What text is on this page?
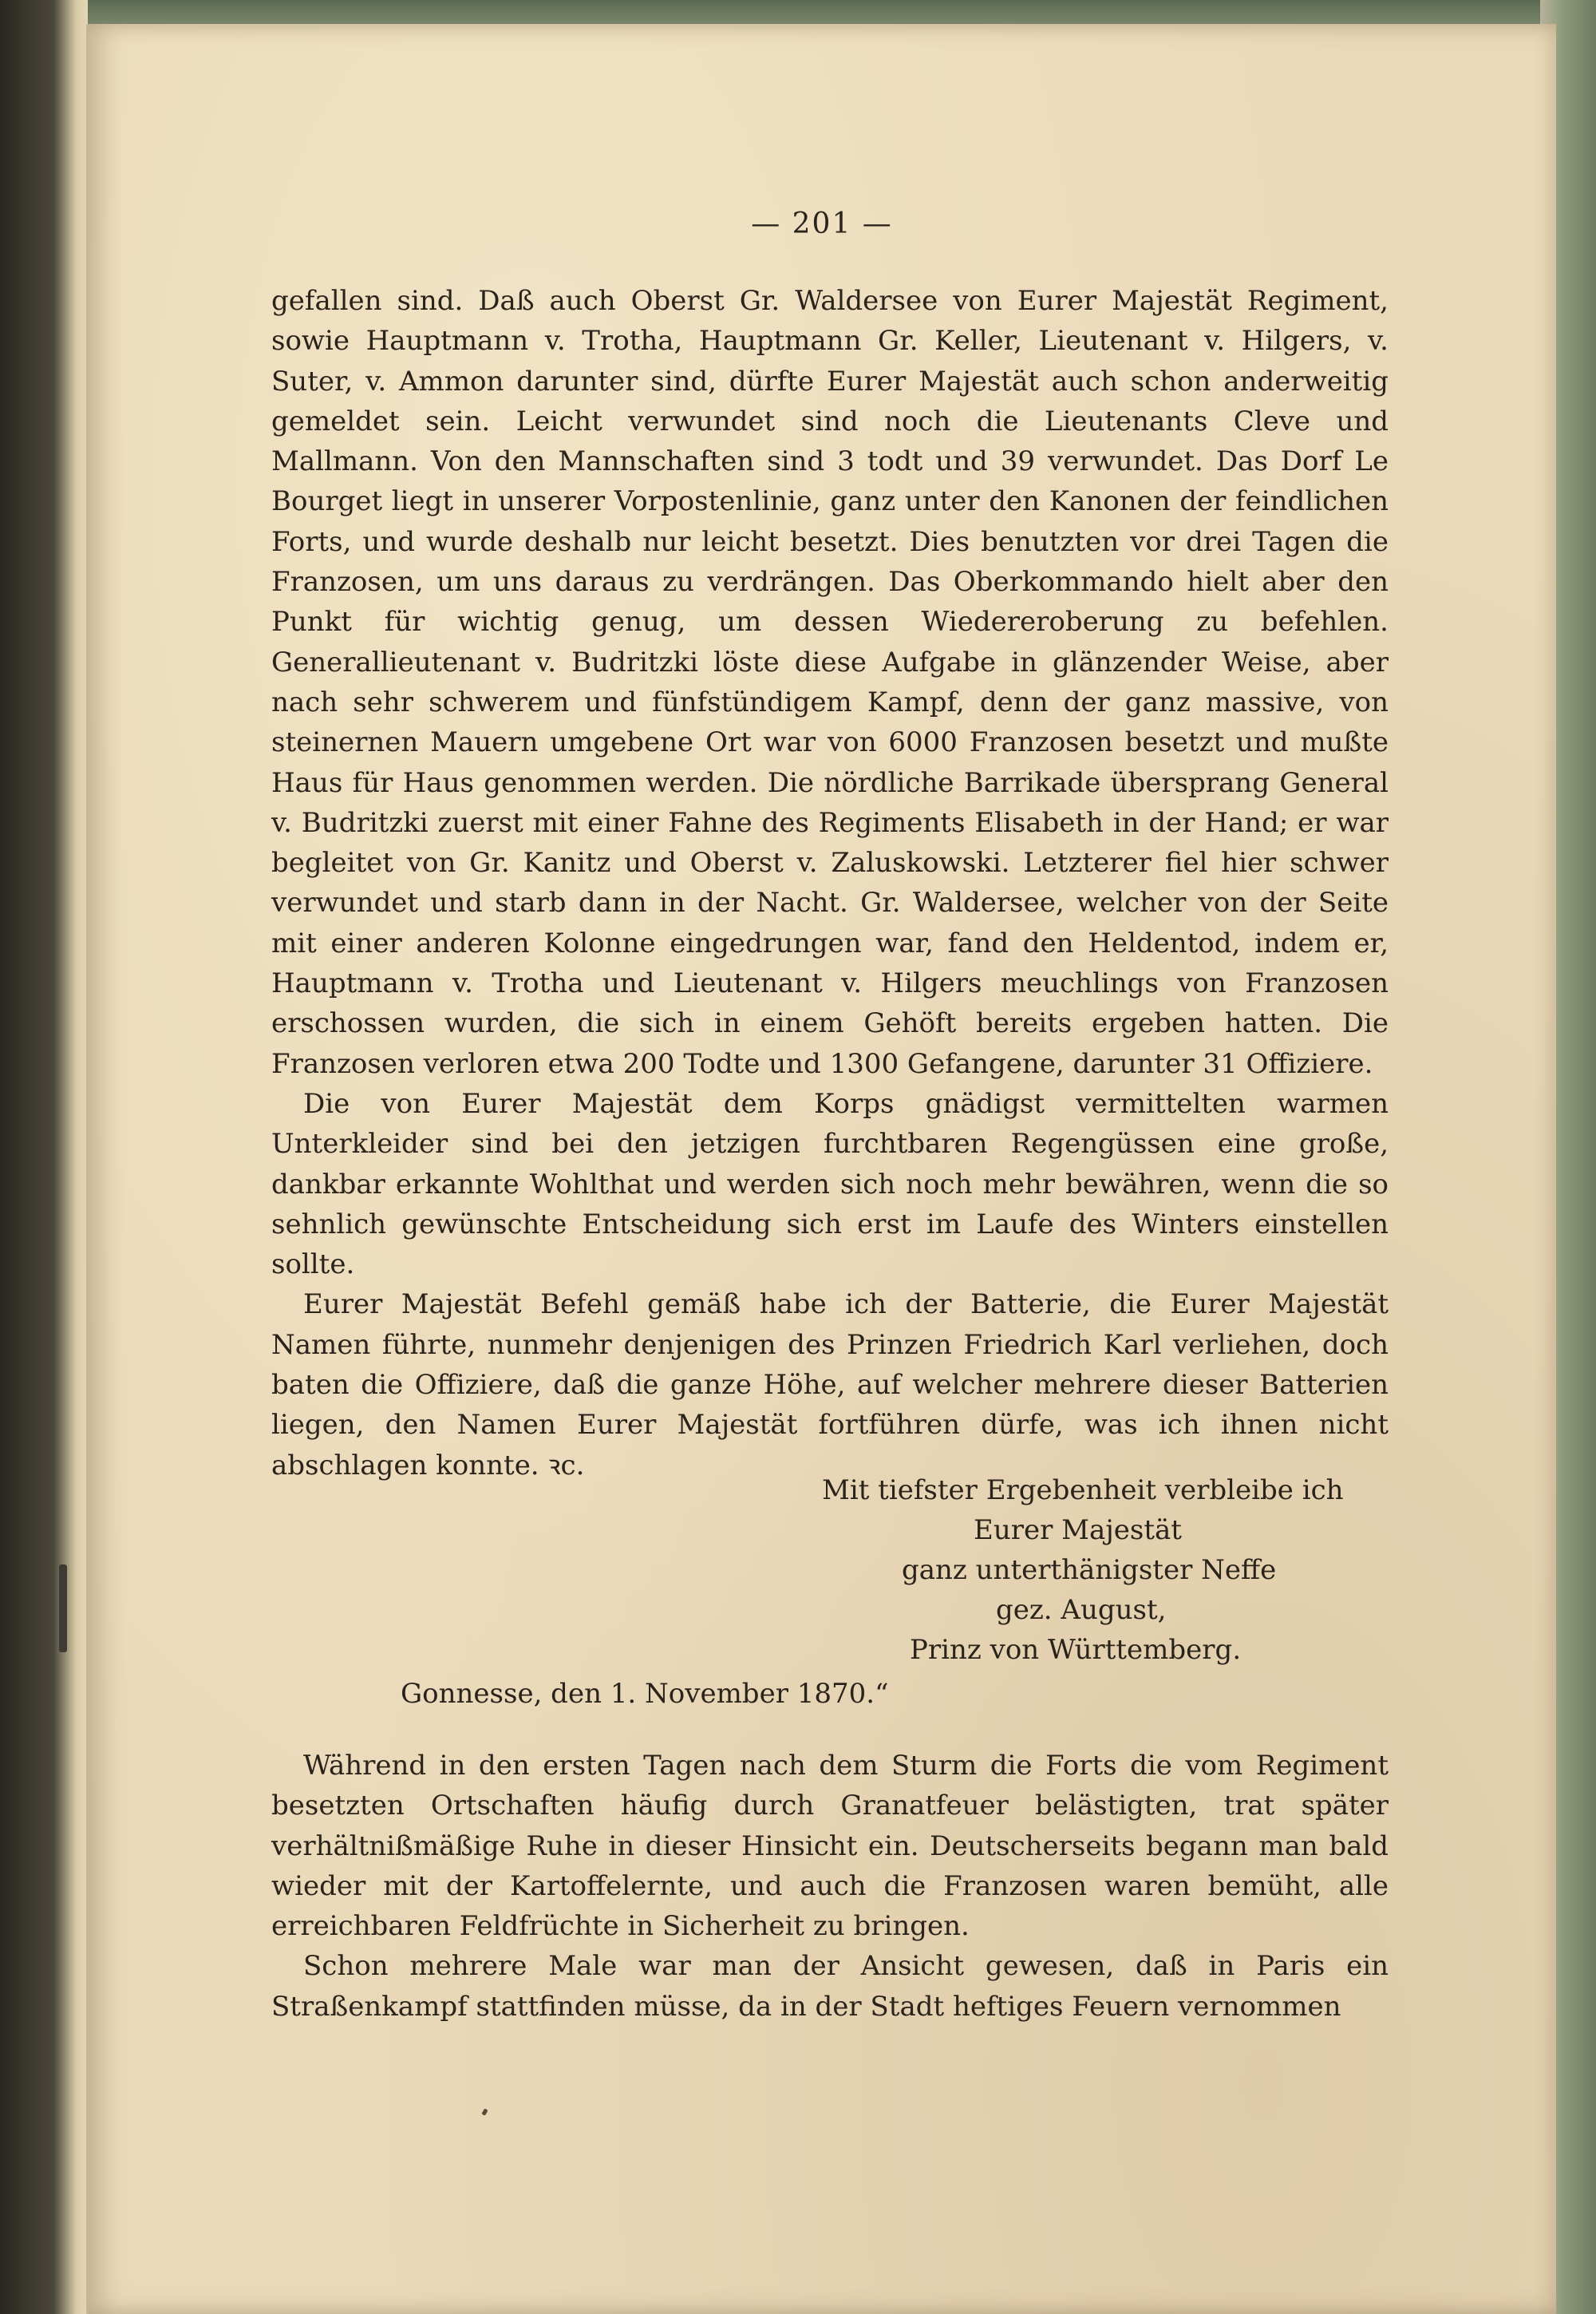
— 201 —

gefallen sind. Daß auch Oberst Gr. Waldersee von Eurer Majestät Regiment, sowie Hauptmann v. Trotha, Hauptmann Gr. Keller, Lieutenant v. Hilgers, v. Suter, v. Ammon darunter sind, dürfte Eurer Majestät auch schon anderweitig gemeldet sein. Leicht verwundet sind noch die Lieutenants Cleve und Mallmann. Von den Mannschaften sind 3 todt und 39 verwundet. Das Dorf Le Bourget liegt in unserer Vorpostenlinie, ganz unter den Kanonen der feindlichen Forts, und wurde deshalb nur leicht besetzt. Dies benutzten vor drei Tagen die Franzosen, um uns daraus zu verdrängen. Das Oberkommando hielt aber den Punkt für wichtig genug, um dessen Wiedereroberung zu befehlen. Generallieutenant v. Budritzki löste diese Aufgabe in glänzender Weise, aber nach sehr schwerem und fünfstündigem Kampf, denn der ganz massive, von steinernen Mauern umgebene Ort war von 6000 Franzosen besetzt und mußte Haus für Haus genommen werden. Die nördliche Barrikade übersprang General v. Budritzki zuerst mit einer Fahne des Regiments Elisabeth in der Hand; er war begleitet von Gr. Kanitz und Oberst v. Zaluskowski. Letzterer fiel hier schwer verwundet und starb dann in der Nacht. Gr. Waldersee, welcher von der Seite mit einer anderen Kolonne eingedrungen war, fand den Heldentod, indem er, Hauptmann v. Trotha und Lieutenant v. Hilgers meuchlings von Franzosen erschossen wurden, die sich in einem Gehöft bereits ergeben hatten. Die Franzosen verloren etwa 200 Todte und 1300 Gefangene, darunter 31 Offiziere.

Die von Eurer Majestät dem Korps gnädigst vermittelten warmen Unterkleider sind bei den jetzigen furchtbaren Regengüssen eine große, dankbar erkannte Wohlthat und werden sich noch mehr bewähren, wenn die so sehnlich gewünschte Entscheidung sich erst im Laufe des Winters einstellen sollte.

Eurer Majestät Befehl gemäß habe ich der Batterie, die Eurer Majestät Namen führte, nunmehr denjenigen des Prinzen Friedrich Karl verliehen, doch baten die Offiziere, daß die ganze Höhe, auf welcher mehrere dieser Batterien liegen, den Namen Eurer Majestät fortführen dürfe, was ich ihnen nicht abschlagen konnte. ꝛc.

Mit tiefster Ergebenheit verbleibe ich
Eurer Majestät
ganz unterthänigster Neffe
gez. August,
Prinz von Württemberg.
Gonnesse, den 1. November 1870.“

Während in den ersten Tagen nach dem Sturm die Forts die vom Regiment besetzten Ortschaften häufig durch Granatfeuer belästigten, trat später verhältnißmäßige Ruhe in dieser Hinsicht ein. Deutscherseits begann man bald wieder mit der Kartoffelernte, und auch die Franzosen waren bemüht, alle erreichbaren Feldfrüchte in Sicherheit zu bringen.

Schon mehrere Male war man der Ansicht gewesen, daß in Paris ein Straßenkampf stattfinden müsse, da in der Stadt heftiges Feuern vernommen
